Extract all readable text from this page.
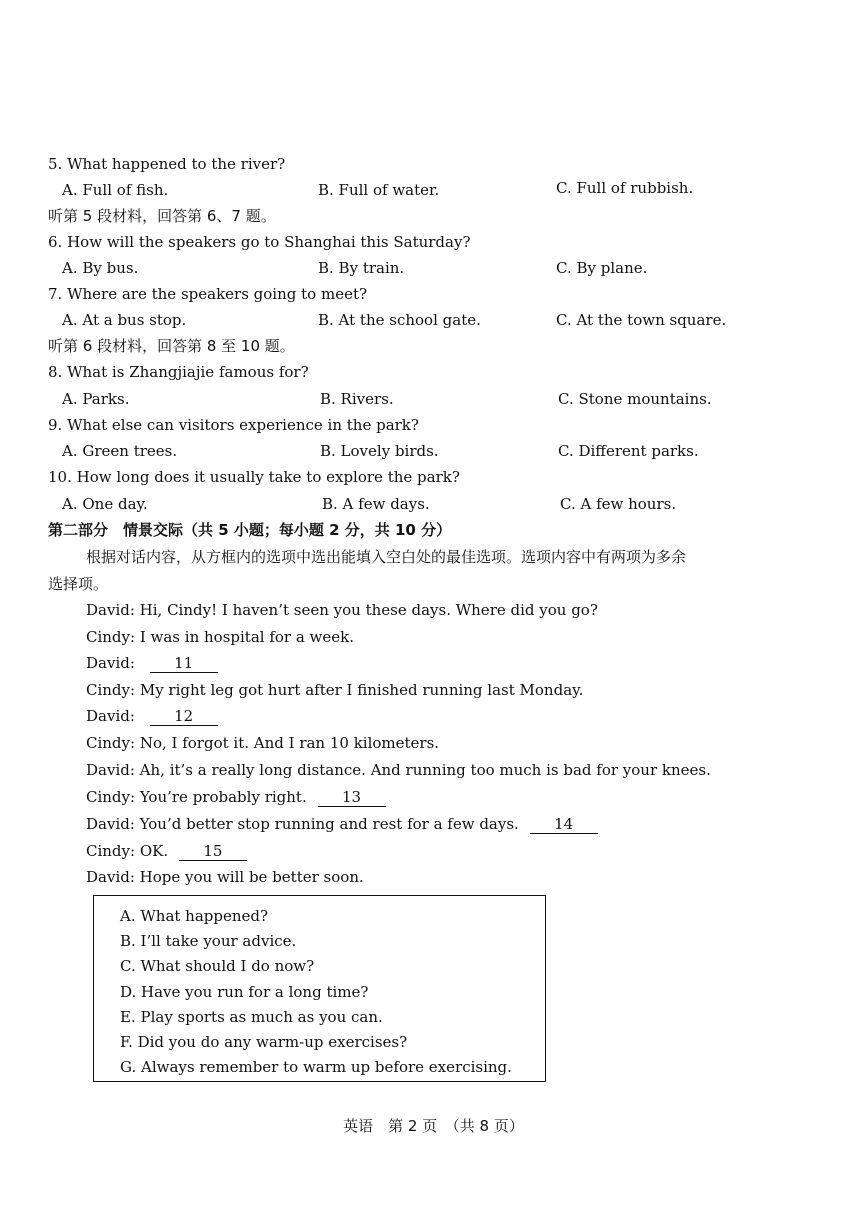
5. What happened to the river?
A. Full of fish.	B. Full of water.	C. Full of rubbish.
听第 5 段材料，回答第 6、7 题。
6. How will the speakers go to Shanghai this Saturday?
A. By bus.	B. By train.	C. By plane.
7. Where are the speakers going to meet?
A. At a bus stop.	B. At the school gate.	C. At the town square.
听第 6 段材料，回答第 8 至 10 题。
8. What is Zhangjiajie famous for?
A. Parks.	B. Rivers.	C. Stone mountains.
9. What else can visitors experience in the park?
A. Green trees.	B. Lovely birds.	C. Different parks.
10. How long does it usually take to explore the park?
A. One day.	B. A few days.	C. A few hours.
第二部分　情景交际（共 5 小题；每小题 2 分，共 10 分）
根据对话内容，从方框内的选项中选出能填入空白处的最佳选项。选项内容中有两项为多余
选择项。
David: Hi, Cindy! I haven’t seen you these days. Where did you go?
Cindy: I was in hospital for a week.
David:	11
Cindy: My right leg got hurt after I finished running last Monday.
David:	12
Cindy: No, I forgot it. And I ran 10 kilometers.
David: Ah, it’s a really long distance. And running too much is bad for your knees.
Cindy: You’re probably right. 13
David: You’d better stop running and rest for a few days. 14
Cindy: OK. 15
David: Hope you will be better soon.
A. What happened?
B. I’ll take your advice.
C. What should I do now?
D. Have you run for a long time?
E. Play sports as much as you can.
F. Did you do any warm-up exercises?
G. Always remember to warm up before exercising.
英语　第 2 页　（共 8 页）
